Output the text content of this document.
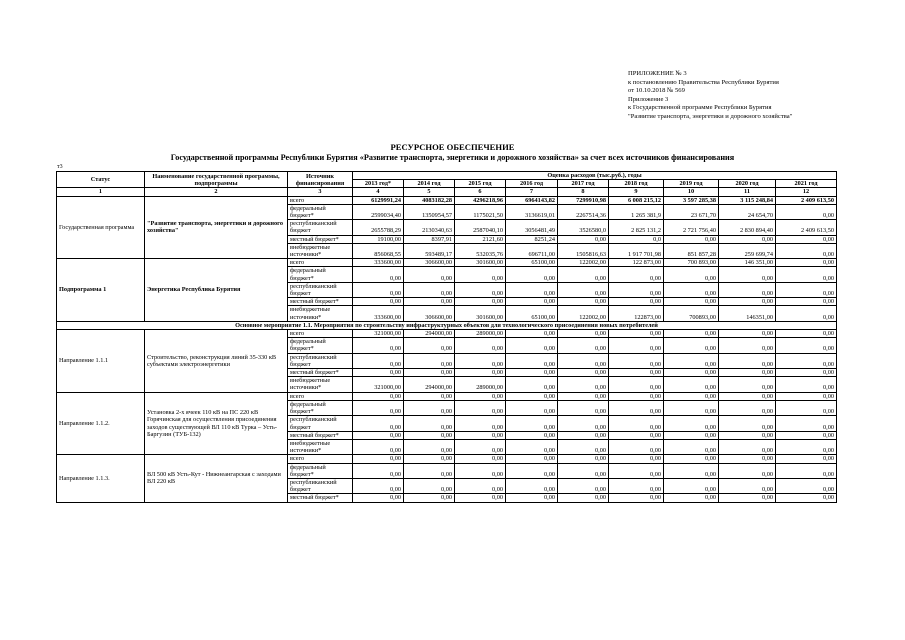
ПРИЛОЖЕНИЕ № 3
к постановлению Правительства Республики Бурятия
от 10.10.2018 № 569
Приложение 3
к Государственной программе Республики Бурятия
"Развитие транспорта, энергетики и дорожного хозяйства"
РЕСУРСНОЕ ОБЕСПЕЧЕНИЕ
Государственной программы Республики Бурятия «Развитие транспорта, энергетики и дорожного хозяйства» за счет всех источников финансирования
т3
Статус	Наименование государственной программы, подпрограммы	Источник финансирования	Оценка расходов (тыс.руб.), годы								
			2013 год*	2014 год	2015 год	2016 год	2017 год	2018 год	2019 год	2020 год	2021 год
1	2	3	4	5	6	7	8	9	10	11	12
Государственная программа	"Развитие транспорта, энергетики и дорожного хозяйства"	всего	6129991,24	4083182,28	4296218,96	6964143,82	7299910,98	6 008 215,12	3 597 285,38	3 115 248,84	2 409 613,50
		федеральный бюджет*	2599034,40	1350954,57	1175021,50	3136619,01	2267514,36	1 265 381,9	23 671,70	24 654,70	0,00
		республиканский бюджет	2655788,29	2130340,63	2587040,10	3056481,49	3526580,0	2 825 131,2	2 721 756,40	2 830 894,40	2 409 613,50
		местный бюджет*	19100,00	8397,91	2121,60	8251,24	0,00	0,0	0,00	0,00	0,00
		внебюджетные источники*	856068,55	593489,17	532035,76	696711,00	1505816,63	1 917 701,98	851 857,28	259 699,74	0,00
Подпрограмма 1	Энергетика Республика Бурятия	всего	333600,00	306600,00	301600,00	65100,00	122002,00	122 873,00	700 893,00	146 351,00	0,00
		федеральный бюджет*	0,00	0,00	0,00	0,00	0,00	0,00	0,00	0,00	0,00
		республиканский бюджет	0,00	0,00	0,00	0,00	0,00	0,00	0,00	0,00	0,00
		местный бюджет*	0,00	0,00	0,00	0,00	0,00	0,00	0,00	0,00	0,00
		внебюджетные источники*	333600,00	306600,00	301600,00	65100,00	122002,00	122873,00	700893,00	146351,00	0,00
Основное мероприятие 1.1. Мероприятия по строительству инфраструктурных объектов для технологического присоединения новых потребителей											
Направление 1.1.1	Строительство, реконструкция линий 35-330 кВ субъектами электроэнергетики	всего	321000,00	294000,00	289000,00	0,00	0,00	0,00	0,00	0,00	0,00
		федеральный бюджет*	0,00	0,00	0,00	0,00	0,00	0,00	0,00	0,00	0,00
		республиканский бюджет	0,00	0,00	0,00	0,00	0,00	0,00	0,00	0,00	0,00
		местный бюджет*	0,00	0,00	0,00	0,00	0,00	0,00	0,00	0,00	0,00
		внебюджетные источники*	321000,00	294000,00	289000,00	0,00	0,00	0,00	0,00	0,00	0,00
Направление 1.1.2.	Установка 2-х ячеек 110 кВ на ПС 220 кВ Горячинская для осуществления присоединения заходов существующей ВЛ 110 кВ Турка – Усть-Баргузин (ТУБ-132)	всего	0,00	0,00	0,00	0,00	0,00	0,00	0,00	0,00	0,00
		федеральный бюджет*	0,00	0,00	0,00	0,00	0,00	0,00	0,00	0,00	0,00
		республиканский бюджет	0,00	0,00	0,00	0,00	0,00	0,00	0,00	0,00	0,00
		местный бюджет*	0,00	0,00	0,00	0,00	0,00	0,00	0,00	0,00	0,00
		внебюджетные источники*	0,00	0,00	0,00	0,00	0,00	0,00	0,00	0,00	0,00
Направление 1.1.3.	ВЛ 500 кВ Усть-Кут - Нижнеангарская с заходами ВЛ 220 кВ	всего	0,00	0,00	0,00	0,00	0,00	0,00	0,00	0,00	0,00
		федеральный бюджет*	0,00	0,00	0,00	0,00	0,00	0,00	0,00	0,00	0,00
		республиканский бюджет	0,00	0,00	0,00	0,00	0,00	0,00	0,00	0,00	0,00
		местный бюджет*	0,00	0,00	0,00	0,00	0,00	0,00	0,00	0,00	0,00
